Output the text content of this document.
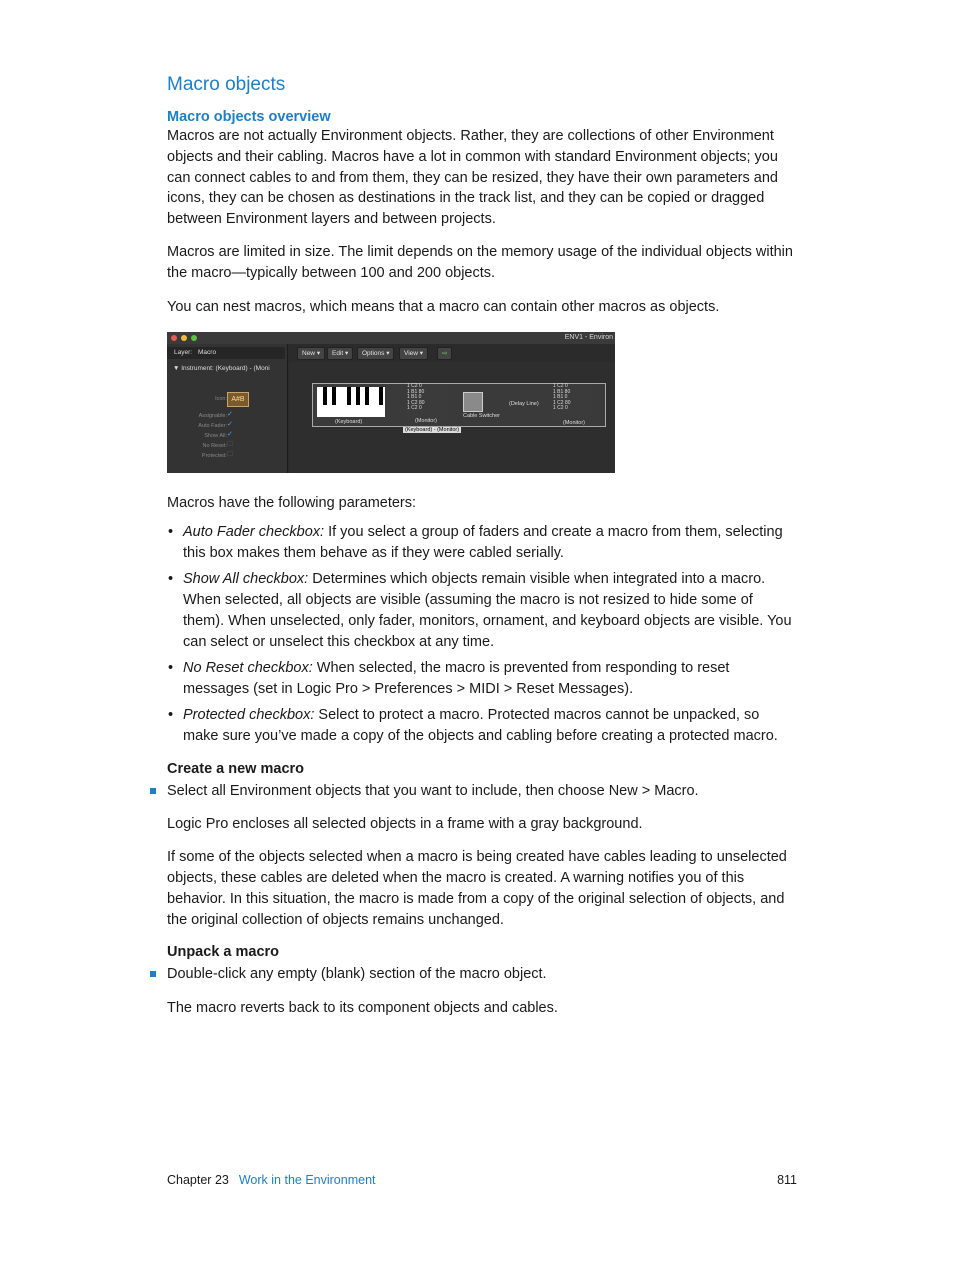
Macro objects
Macro objects overview

Macros are not actually Environment objects. Rather, they are collections of other Environment objects and their cabling. Macros have a lot in common with standard Environment objects; you can connect cables to and from them, they can be resized, they have their own parameters and icons, they can be chosen as destinations in the track list, and they can be copied or dragged between Environment layers and between projects.

Macros are limited in size. The limit depends on the memory usage of the individual objects within the macro—typically between 100 and 200 objects.

You can nest macros, which means that a macro can contain other macros as objects.

ENV1 - Environ
Layer: Macro
▼ Instrument: (Keyboard) - (Moni
Icon: A#B
Assignable: ✓
Auto Fader: ✓
Show All: ✓
No Reset: ☐
Protected: ☐
New ▾	Edit ▾	Options ▾	View ▾	⇨
(Keyboard)
1 C2 0
1 B1 80
1 B1 0
1 C2 80
1 C2 0
(Monitor)
Cable Switcher
(Delay Line)
1 C2 0
1 B1 80
1 B1 0
1 C2 80
1 C2 0
(Monitor)
(Keyboard) - (Monitor)

Macros have the following parameters:

• Auto Fader checkbox: If you select a group of faders and create a macro from them, selecting this box makes them behave as if they were cabled serially.
• Show All checkbox: Determines which objects remain visible when integrated into a macro. When selected, all objects are visible (assuming the macro is not resized to hide some of them). When unselected, only fader, monitors, ornament, and keyboard objects are visible. You can select or unselect this checkbox at any time.
• No Reset checkbox: When selected, the macro is prevented from responding to reset messages (set in Logic Pro > Preferences > MIDI > Reset Messages).
• Protected checkbox: Select to protect a macro. Protected macros cannot be unpacked, so make sure you’ve made a copy of the objects and cabling before creating a protected macro.
Create a new macro
Select all Environment objects that you want to include, then choose New > Macro.

Logic Pro encloses all selected objects in a frame with a gray background.

If some of the objects selected when a macro is being created have cables leading to unselected objects, these cables are deleted when the macro is created. A warning notifies you of this behavior. In this situation, the macro is made from a copy of the original selection of objects, and the original collection of objects remains unchanged.

Unpack a macro
Double-click any empty (blank) section of the macro object.

The macro reverts back to its component objects and cables.

Chapter 23 Work in the Environment	811
